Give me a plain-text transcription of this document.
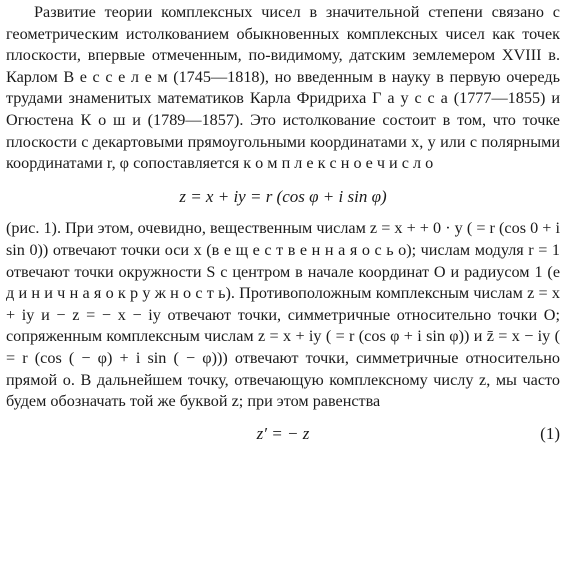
Развитие теории комплексных чисел в значительной степени связано с геометрическим истолкованием обыкновенных комплексных чисел как точек плоскости, впервые отмеченным, по-видимому, датским землемером XVIII в. Карлом В е с с е л е м (1745—1818), но введенным в науку в первую очередь трудами знаменитых математиков Карла Фридриха Г а у с с а (1777—1855) и Огюстена К о ш и (1789—1857). Это истолкование состоит в том, что точке плоскости с декартовыми прямоугольными координатами x, y или с полярными координатами r, φ сопоставляется к о м п л е к с н о е ч и с л о

z = x + iy = r (cos φ + i sin φ)

(рис. 1). При этом, очевидно, вещественным числам z = x + + 0 · y ( = r (cos 0 + i sin 0)) отвечают точки оси x (в е щ е с т в е н н а я о с ь o); числам модуля r = 1 отвечают точки окружности S с центром в начале координат O и радиусом 1 (е д и н и ч н а я о к р у ж н о с т ь). Противоположным комплексным числам z = x + iy и − z = − x − iy отвечают точки, симметричные относительно точки O; сопряженным комплексным числам z = x + iy ( = r (cos φ + i sin φ)) и z̄ = x − iy ( = r (cos ( − φ) + i sin ( − φ))) отвечают точки, симметричные относительно прямой o. В дальнейшем точку, отвечающую комплексному числу z, мы часто будем обозначать той же буквой z; при этом равенства

z′ = − z	(1)
